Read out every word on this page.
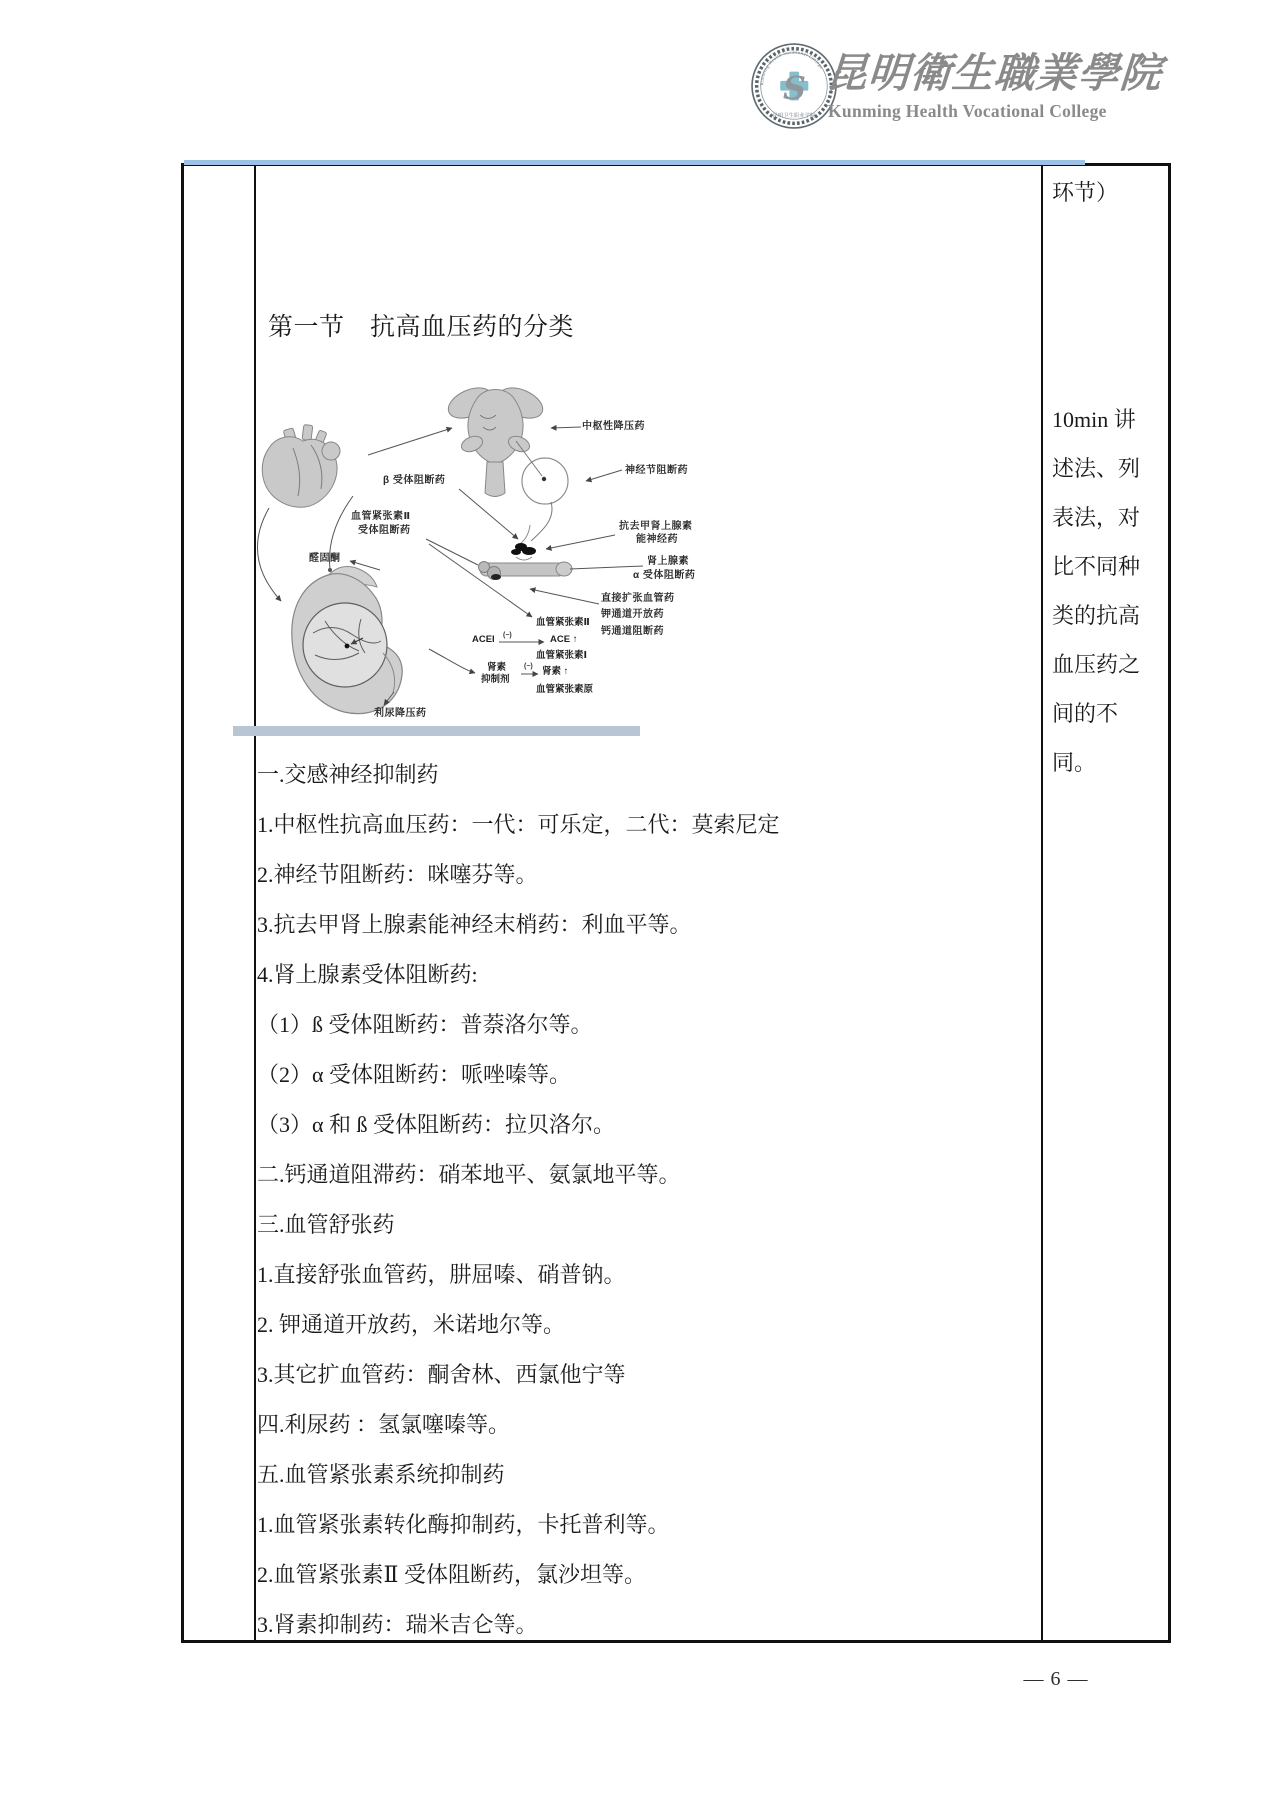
Kunming Health Vocational College
S
昆明卫生职业学院
昆明衛生職業學院
Kunming Health Vocational College
环节）
10min 讲
述法、列
表法，对
比不同种
类的抗高
血压药之
间的不
同。
第一节　抗高血压药的分类
中枢性降压药
神经节阻断药
抗去甲肾上腺素
能神经药
肾上腺素
α 受体阻断药
直接扩张血管药
钾通道开放药
钙通道阻断药
β 受体阻断药
血管紧张素Ⅱ
受体阻断药
醛固酮
利尿降压药
血管紧张素Ⅱ
ACEI (−)	ACE ↑
血管紧张素Ⅰ
肾素
抑制剂
(−) 肾素 ↑
血管紧张素原
一.交感神经抑制药
1.中枢性抗高血压药：一代：可乐定，二代：莫索尼定
2.神经节阻断药：咪噻芬等。
3.抗去甲肾上腺素能神经末梢药：利血平等。
4.肾上腺素受体阻断药:
（1）ß 受体阻断药：普萘洛尔等。
（2）α 受体阻断药：哌唑嗪等。
（3）α 和 ß 受体阻断药：拉贝洛尔。
二.钙通道阻滞药：硝苯地平、氨氯地平等。
三.血管舒张药
1.直接舒张血管药，肼屈嗪、硝普钠。
2. 钾通道开放药，米诺地尔等。
3.其它扩血管药：酮舍林、西氯他宁等
四.利尿药 ：氢氯噻嗪等。
五.血管紧张素系统抑制药
1.血管紧张素转化酶抑制药，卡托普利等。
2.血管紧张素Ⅱ 受体阻断药，氯沙坦等。
3.肾素抑制药：瑞米吉仑等。
— 6 —
